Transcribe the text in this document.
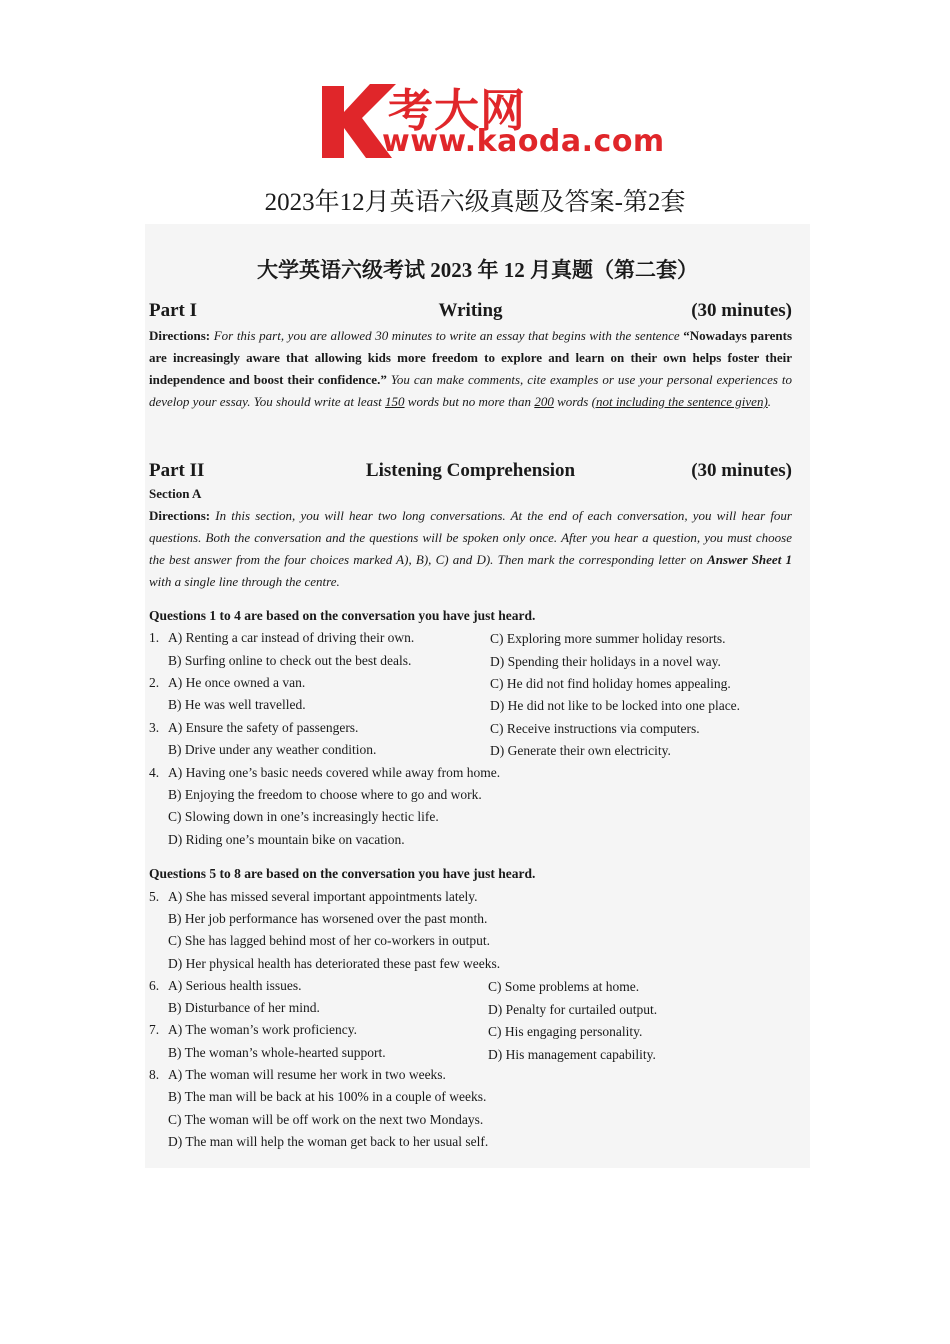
考大网
www.kaoda.com
2023年12月英语六级真题及答案-第2套
大学英语六级考试 2023 年 12 月真题（第二套）
Part I	Writing	(30 minutes)
Directions: For this part, you are allowed 30 minutes to write an essay that begins with the sentence “Nowadays parents are increasingly aware that allowing kids more freedom to explore and learn on their own helps foster their independence and boost their confidence.” You can make comments, cite examples or use your personal experiences to develop your essay. You should write at least 150 words but no more than 200 words (not including the sentence given).
Part II	Listening Comprehension	(30 minutes)
Section A
Directions: In this section, you will hear two long conversations. At the end of each conversation, you will hear four questions. Both the conversation and the questions will be spoken only once. After you hear a question, you must choose the best answer from the four choices marked A), B), C) and D). Then mark the corresponding letter on Answer Sheet 1 with a single line through the centre.
Questions 1 to 4 are based on the conversation you have just heard.
1. A) Renting a car instead of driving their own.	C) Exploring more summer holiday resorts.
B) Surfing online to check out the best deals.	D) Spending their holidays in a novel way.
2. A) He once owned a van.	C) He did not find holiday homes appealing.
B) He was well travelled.	D) He did not like to be locked into one place.
3. A) Ensure the safety of passengers.	C) Receive instructions via computers.
B) Drive under any weather condition.	D) Generate their own electricity.
4. A) Having one’s basic needs covered while away from home.
B) Enjoying the freedom to choose where to go and work.
C) Slowing down in one’s increasingly hectic life.
D) Riding one’s mountain bike on vacation.
Questions 5 to 8 are based on the conversation you have just heard.
5. A) She has missed several important appointments lately.
B) Her job performance has worsened over the past month.
C) She has lagged behind most of her co-workers in output.
D) Her physical health has deteriorated these past few weeks.
6. A) Serious health issues.	C) Some problems at home.
B) Disturbance of her mind.	D) Penalty for curtailed output.
7. A) The woman’s work proficiency.	C) His engaging personality.
B) The woman’s whole-hearted support.	D) His management capability.
8. A) The woman will resume her work in two weeks.
B) The man will be back at his 100% in a couple of weeks.
C) The woman will be off work on the next two Mondays.
D) The man will help the woman get back to her usual self.
